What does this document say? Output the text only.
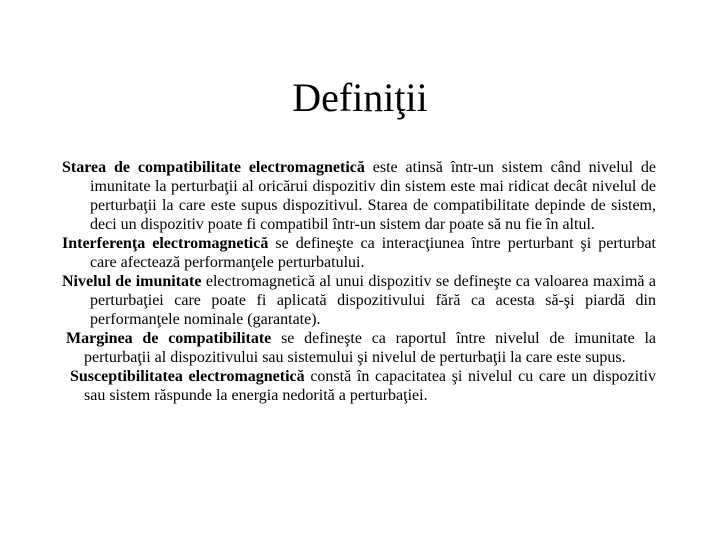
Definiţii

Starea de compatibilitate electromagnetică este atinsă într-un sistem când nivelul de imunitate la perturbaţii al oricărui dispozitiv din sistem este mai ridicat decât nivelul de perturbaţii la care este supus dispozitivul. Starea de compatibilitate depinde de sistem, deci un dispozitiv poate fi compatibil într-un sistem dar poate să nu fie în altul.

Interferenţa electromagnetică se defineşte ca interacţiunea între perturbant şi perturbat care afectează performanţele perturbatului.

Nivelul de imunitate electromagnetică al unui dispozitiv se defineşte ca valoarea maximă a perturbaţiei care poate fi aplicată dispozitivului fără ca acesta să-şi piardă din performanţele nominale (garantate).

Marginea de compatibilitate se defineşte ca raportul între nivelul de imunitate la perturbaţii al dispozitivului sau sistemului şi nivelul de perturbaţii la care este supus.

Susceptibilitatea electromagnetică constă în capacitatea şi nivelul cu care un dispozitiv sau sistem răspunde la energia nedorită a perturbaţiei.
